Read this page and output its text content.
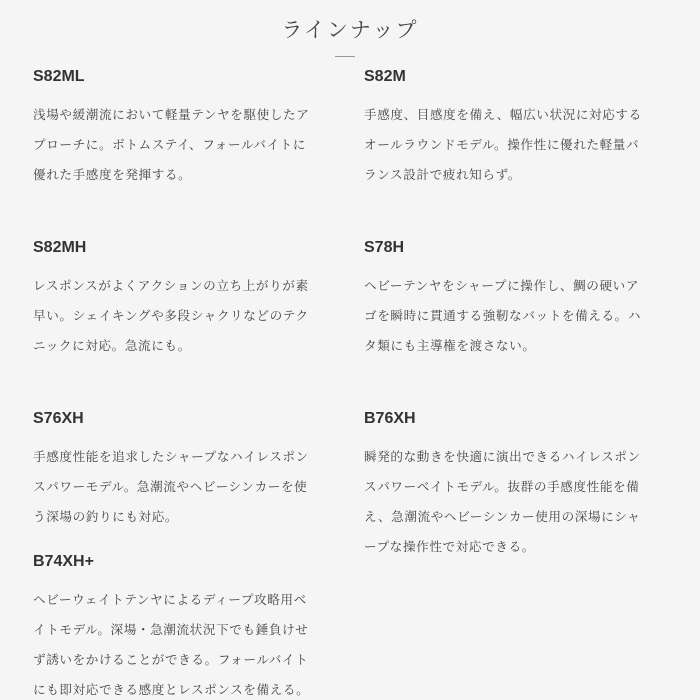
ラインナップ
S82ML

浅場や緩潮流において軽量テンヤを駆使したア
プローチに。ボトムステイ、フォールバイトに
優れた手感度を発揮する。

S82M

手感度、目感度を備え、幅広い状況に対応する
オールラウンドモデル。操作性に優れた軽量バ
ランス設計で疲れ知らず。

S82MH

レスポンスがよくアクションの立ち上がりが素
早い。シェイキングや多段シャクリなどのテク
ニックに対応。急流にも。

S78H

ヘビーテンヤをシャープに操作し、鯛の硬いア
ゴを瞬時に貫通する強靭なバットを備える。ハ
タ類にも主導権を渡さない。

S76XH

手感度性能を追求したシャープなハイレスポン
スパワーモデル。急潮流やヘビーシンカーを使
う深場の釣りにも対応。

B76XH

瞬発的な動きを快適に演出できるハイレスポン
スパワーベイトモデル。抜群の手感度性能を備
え、急潮流やヘビーシンカー使用の深場にシャ
ープな操作性で対応できる。

B74XH+

ヘビーウェイトテンヤによるディープ攻略用ベ
イトモデル。深場・急潮流状況下でも錘負けせ
ず誘いをかけることができる。フォールバイト
にも即対応できる感度とレスポンスを備える。
